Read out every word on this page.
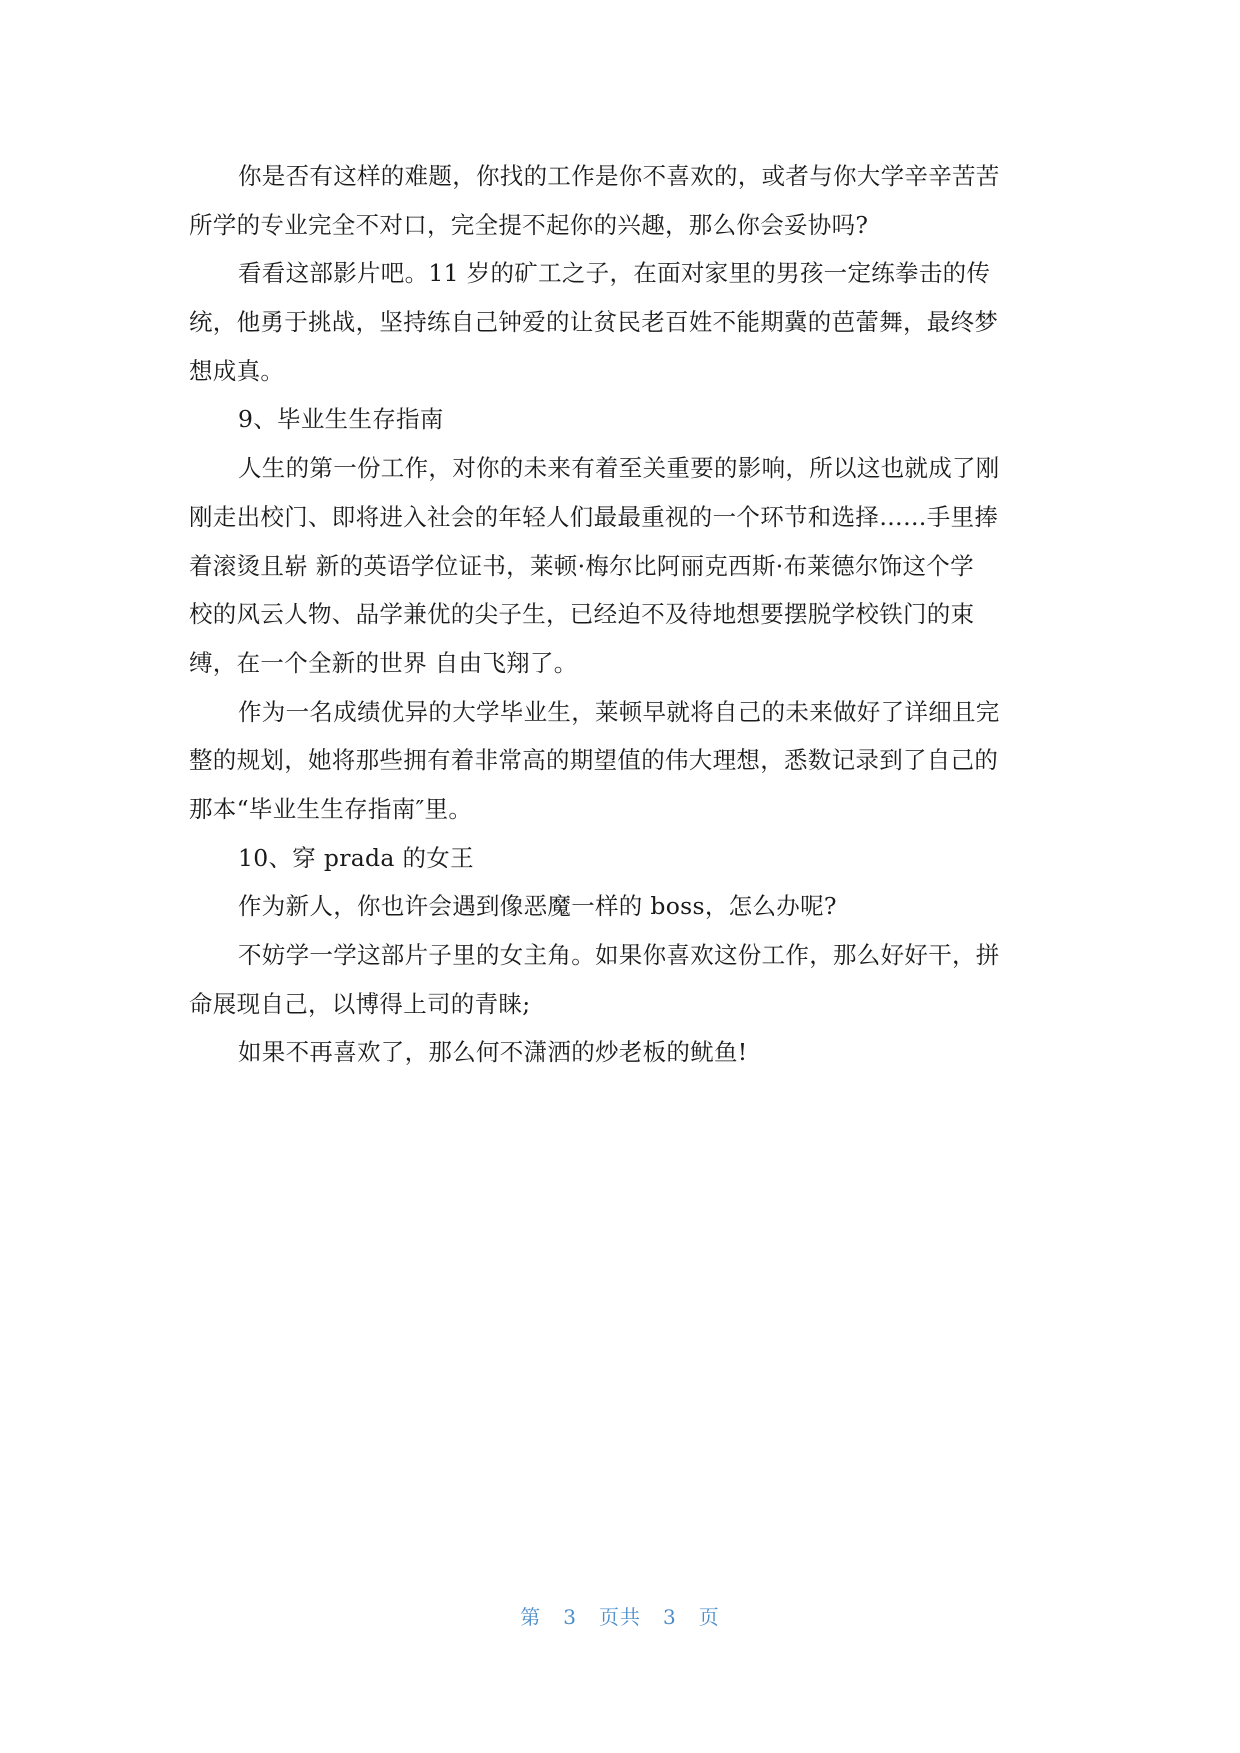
你是否有这样的难题，你找的工作是你不喜欢的，或者与你大学辛辛苦苦
所学的专业完全不对口，完全提不起你的兴趣，那么你会妥协吗?
看看这部影片吧。11 岁的矿工之子，在面对家里的男孩一定练拳击的传
统，他勇于挑战，坚持练自己钟爱的让贫民老百姓不能期冀的芭蕾舞，最终梦
想成真。
9、毕业生生存指南
人生的第一份工作，对你的未来有着至关重要的影响，所以这也就成了刚
刚走出校门、即将进入社会的年轻人们最最重视的一个环节和选择……手里捧
着滚烫且崭 新的英语学位证书，莱顿·梅尔比阿丽克西斯·布莱德尔饰这个学
校的风云人物、品学兼优的尖子生，已经迫不及待地想要摆脱学校铁门的束
缚，在一个全新的世界 自由飞翔了。
作为一名成绩优异的大学毕业生，莱顿早就将自己的未来做好了详细且完
整的规划，她将那些拥有着非常高的期望值的伟大理想，悉数记录到了自己的
那本“毕业生生存指南″里。
10、穿 prada 的女王
作为新人，你也许会遇到像恶魔一样的 boss，怎么办呢?
不妨学一学这部片子里的女主角。如果你喜欢这份工作，那么好好干，拼
命展现自己，以博得上司的青睐;
如果不再喜欢了，那么何不潇洒的炒老板的鱿鱼!
第 3 页共 3 页
